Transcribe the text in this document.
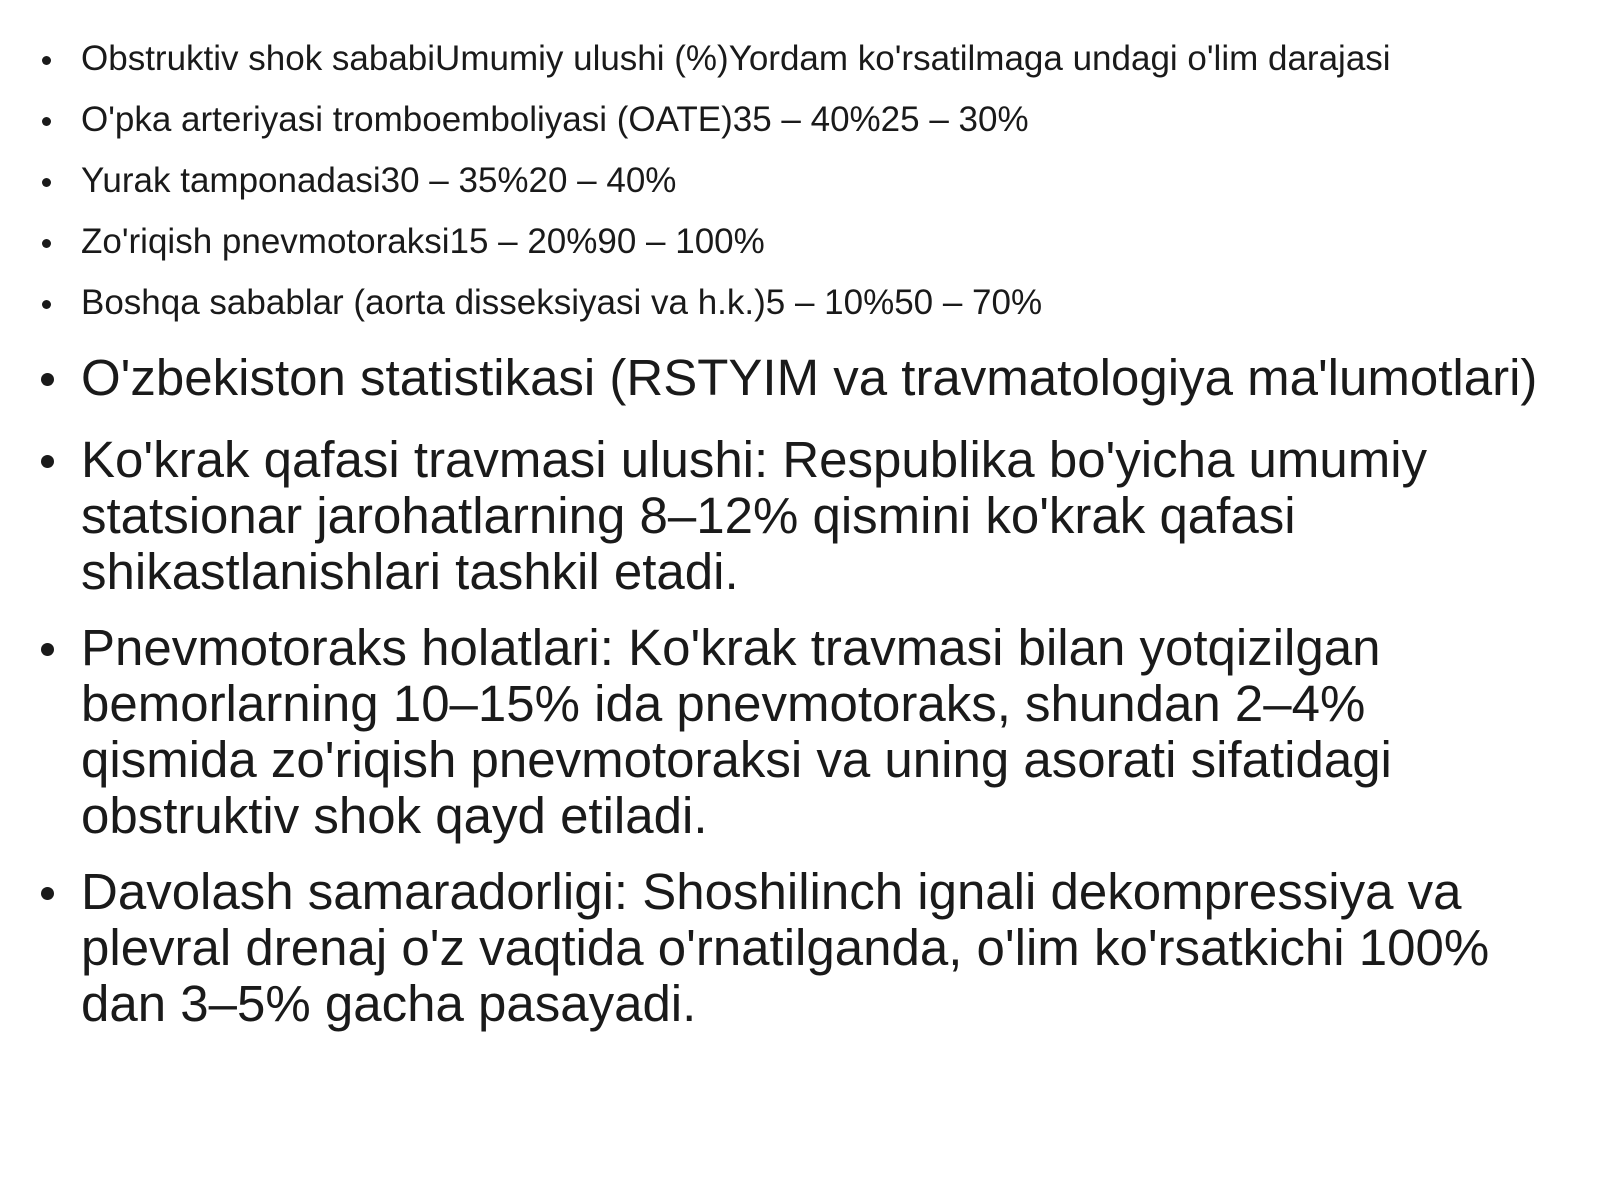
Obstruktiv shok sababiUmumiy ulushi (%)Yordam ko'rsatilmaga undagi o'lim darajasi
O'pka arteriyasi tromboemboliyasi (OATE)35 – 40%25 – 30%
Yurak tamponadasi30 – 35%20 – 40%
Zo'riqish pnevmotoraksi15 – 20%90 – 100%
Boshqa sabablar (aorta disseksiyasi va h.k.)5 – 10%50 – 70%
O'zbekiston statistikasi (RSTYIM va travmatologiya ma'lumotlari)
Ko'krak qafasi travmasi ulushi: Respublika bo'yicha umumiy statsionar jarohatlarning 8–12% qismini ko'krak qafasi shikastlanishlari tashkil etadi.
Pnevmotoraks holatlari: Ko'krak travmasi bilan yotqizilgan bemorlarning 10–15% ida pnevmotoraks, shundan 2–4% qismida zo'riqish pnevmotoraksi va uning asorati sifatidagi obstruktiv shok qayd etiladi.
Davolash samaradorligi: Shoshilinch ignali dekompressiya va plevral drenaj o'z vaqtida o'rnatilganda, o'lim ko'rsatkichi 100% dan 3–5% gacha pasayadi.
